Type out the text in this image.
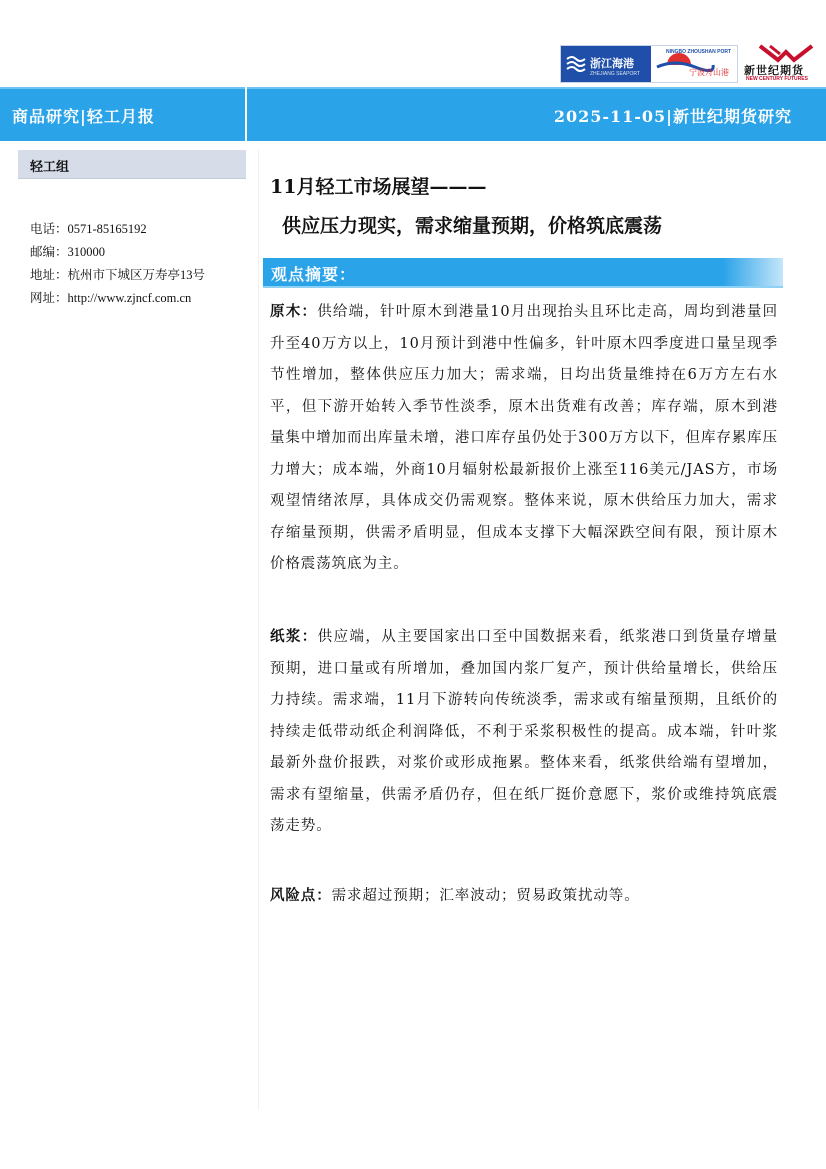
浙江海港
ZHEJIANG SEAPORT
NINGBO ZHOUSHAN PORT
宁波舟山港 新世纪期货
NEW CENTURY FUTURES
商品研究|轻工月报	2025-11-05|新世纪期货研究
轻工组
电话：0571-85165192
邮编：310000
地址：杭州市下城区万寿亭13号
网址：http://www.zjncf.com.cn
11月轻工市场展望———
供应压力现实，需求缩量预期，价格筑底震荡
观点摘要：
原木：供给端，针叶原木到港量10月出现抬头且环比走高，周均到港量回升至40万方以上，10月预计到港中性偏多，针叶原木四季度进口量呈现季节性增加，整体供应压力加大；需求端，日均出货量维持在6万方左右水平，但下游开始转入季节性淡季，原木出货难有改善；库存端，原木到港量集中增加而出库量未增，港口库存虽仍处于300万方以下，但库存累库压力增大；成本端，外商10月辐射松最新报价上涨至116美元/JAS方，市场观望情绪浓厚，具体成交仍需观察。整体来说，原木供给压力加大，需求存缩量预期，供需矛盾明显，但成本支撑下大幅深跌空间有限，预计原木价格震荡筑底为主。
纸浆：供应端，从主要国家出口至中国数据来看，纸浆港口到货量存增量预期，进口量或有所增加，叠加国内浆厂复产，预计供给量增长，供给压力持续。需求端，11月下游转向传统淡季，需求或有缩量预期，且纸价的持续走低带动纸企利润降低，不利于采浆积极性的提高。成本端，针叶浆最新外盘价报跌，对浆价或形成拖累。整体来看，纸浆供给端有望增加，需求有望缩量，供需矛盾仍存，但在纸厂挺价意愿下，浆价或维持筑底震荡走势。
风险点：需求超过预期；汇率波动；贸易政策扰动等。
